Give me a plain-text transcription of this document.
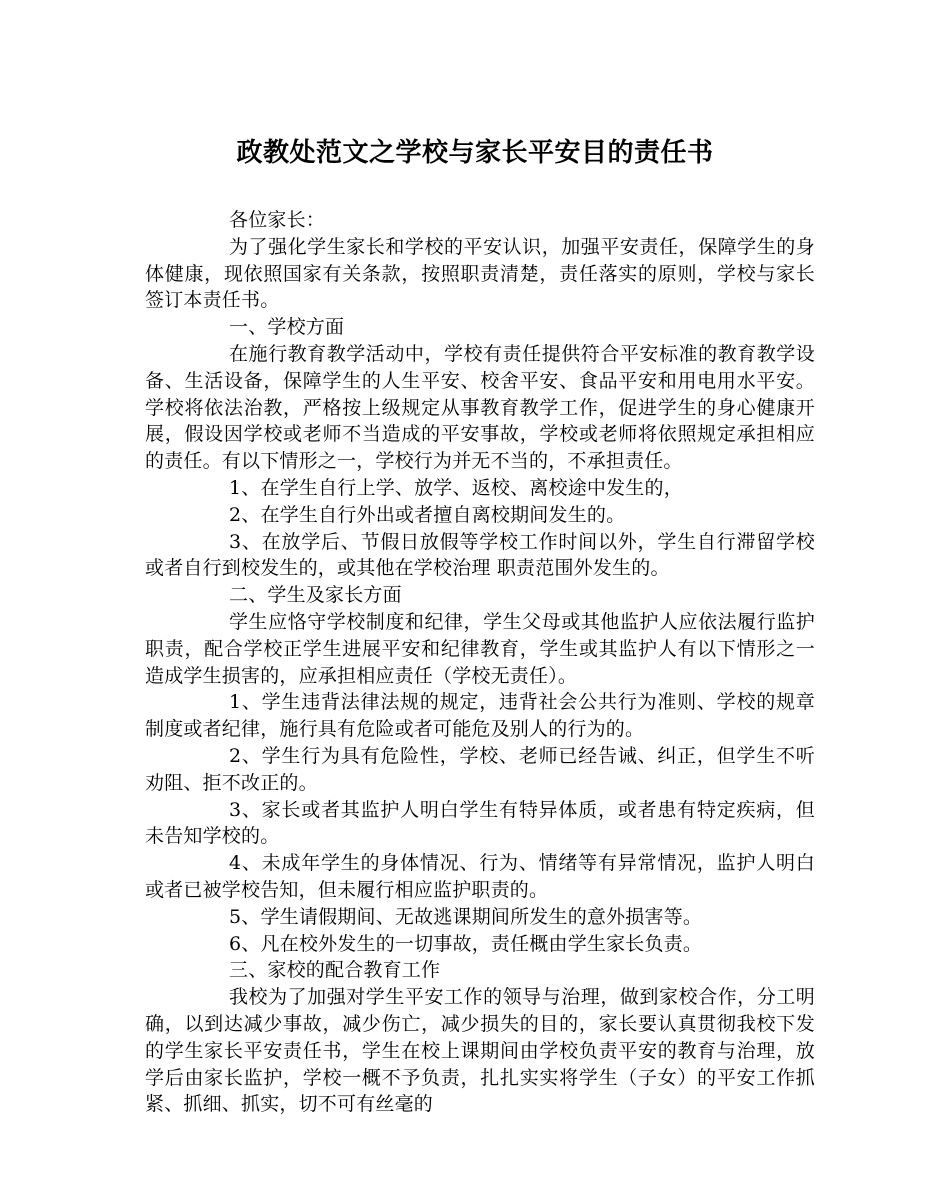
政教处范文之学校与家长平安目的责任书

各位家长：

为了强化学生家长和学校的平安认识，加强平安责任，保障学生的身体健康，现依照国家有关条款，按照职责清楚，责任落实的原则，学校与家长签订本责任书。

一、学校方面

在施行教育教学活动中，学校有责任提供符合平安标准的教育教学设备、生活设备，保障学生的人生平安、校舍平安、食品平安和用电用水平安。学校将依法治教，严格按上级规定从事教育教学工作，促进学生的身心健康开展，假设因学校或老师不当造成的平安事故，学校或老师将依照规定承担相应的责任。有以下情形之一，学校行为并无不当的，不承担责任。

1、在学生自行上学、放学、返校、离校途中发生的，

2、在学生自行外出或者擅自离校期间发生的。

3、在放学后、节假日放假等学校工作时间以外，学生自行滞留学校或者自行到校发生的，或其他在学校治理 职责范围外发生的。

二、学生及家长方面

学生应恪守学校制度和纪律，学生父母或其他监护人应依法履行监护职责，配合学校正学生进展平安和纪律教育，学生或其监护人有以下情形之一造成学生损害的，应承担相应责任（学校无责任）。

1、学生违背法律法规的规定，违背社会公共行为准则、学校的规章制度或者纪律，施行具有危险或者可能危及别人的行为的。

2、学生行为具有危险性，学校、老师已经告诫、纠正，但学生不听劝阻、拒不改正的。

3、家长或者其监护人明白学生有特异体质，或者患有特定疾病，但未告知学校的。

4、未成年学生的身体情况、行为、情绪等有异常情况，监护人明白或者已被学校告知，但未履行相应监护职责的。

5、学生请假期间、无故逃课期间所发生的意外损害等。

6、凡在校外发生的一切事故，责任概由学生家长负责。

三、家校的配合教育工作

我校为了加强对学生平安工作的领导与治理，做到家校合作，分工明确，以到达减少事故，减少伤亡，减少损失的目的，家长要认真贯彻我校下发的学生家长平安责任书，学生在校上课期间由学校负责平安的教育与治理，放学后由家长监护，学校一概不予负责，扎扎实实将学生（子女）的平安工作抓紧、抓细、抓实，切不可有丝毫的
